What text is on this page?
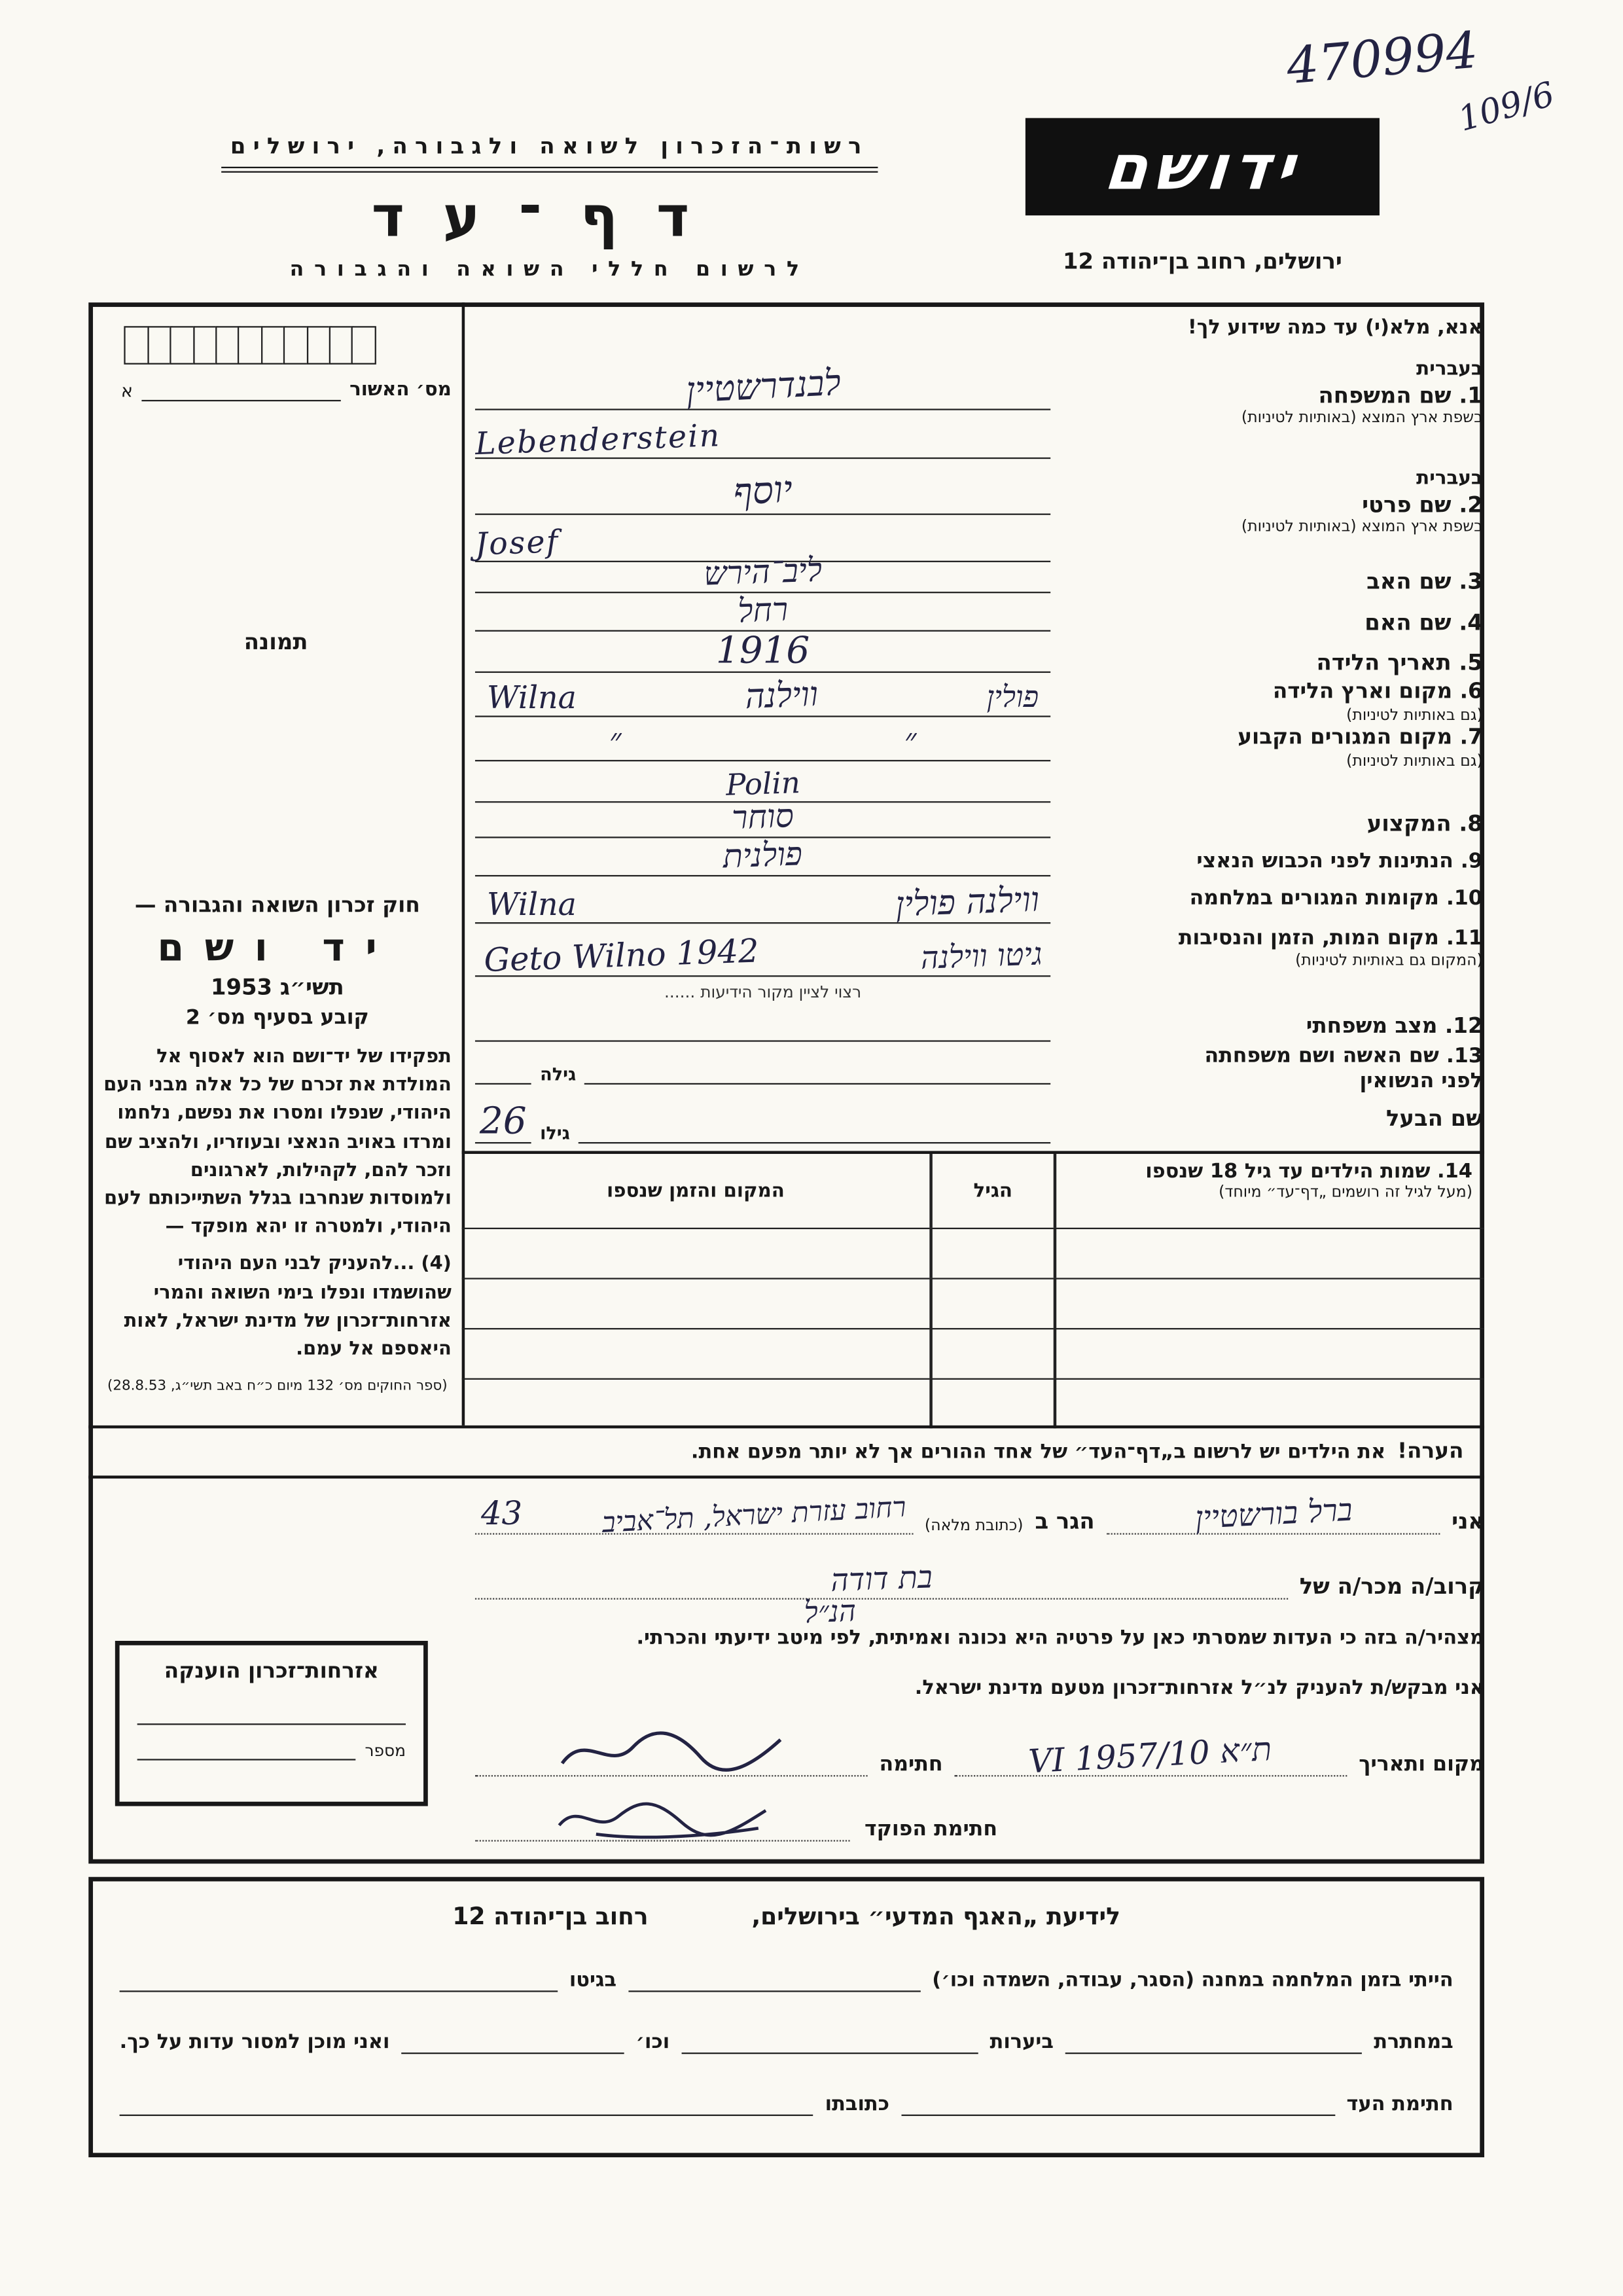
470994
109/6
רשות־הזכרון לשואה ולגבורה, ירושלים
דף־עד
לרשום חללי השואה והגבורה
ידושם
ירושלים, רחוב בן־יהודה 12
מס׳ האשור
א
תמונה
חוק זכרון השואה והגבורה —
יד ושם
תשי״ג 1953
קובע בסעיף מס׳ 2
תפקידו של יד־ושם הוא לאסוף אל המולדת את זכרם של כל אלה מבני העם היהודי, שנפלו ומסרו את נפשם, נלחמו ומרדו באויב הנאצי ובעוזריו, ולהציב שם וזכר להם, לקהילות, לארגונים ולמוסדות שנחרבו בגלל השתייכותם לעם היהודי, ולמטרה זו יהא מופקד —
(4) ...להעניק לבני העם היהודי שהושמדו ונפלו בימי השואה והמרי אזרחות־זכרון של מדינת ישראל, לאות היאספם אל עמם.
(ספר החוקים מס׳ 132 מיום כ״ח באב תשי״ג, 28.8.53)
אזרחות־זכרון הוענקה
מספר
אנא, מלא(י) עד כמה שידוע לך!
בעברית
1. שם המשפחה
בשפת ארץ המוצא (באותיות לטיניות)
בעברית
2. שם פרטי
בשפת ארץ המוצא (באותיות לטיניות)
3. שם האב
4. שם האם
5. תאריך הלידה
6. מקום וארץ הלידה
(גם באותיות לטיניות)
7. מקום המגורים הקבוע
(גם באותיות לטיניות)
8. המקצוע
9. הנתינות לפני הכבוש הנאצי
10. מקומות המגורים במלחמה
11. מקום המות, הזמן והנסיבות
(המקום גם באותיות לטיניות)
12. מצב משפחתי
13. שם האשה ושם משפחתה
לפני הנשואין
שם הבעל
לבנדרשטיין
Lebenderstein
יוסף
Josef
ליב־הירש
רחל
1916
פולין
ווילנה
Wilna
״
״
Polin
סוחר
פולנית
ווילנה פולין
Wilna
גיטו ווילנה
Geto Wilno 1942
רצוי לציין מקור הידיעות ......
גילה
גילו
26
14. שמות הילדים עד גיל 18 שנספו
(מעל לגיל זה רושמים „דף־עד״ מיוחד)
הגיל
המקום והזמן שנספו
הערה!
את הילדים יש לרשום ב„דף־העד״ של אחד ההורים אך לא יותר מפעם אחת.
אני
ברל בורשטיין
הגר ב
(כתובת מלאה)
רחוב עזרת ישראל, תל־אביב
43
קרוב/ה מכר/ה של
בת דודה
הנ״ל
מצהיר/ה בזה כי העדות שמסרתי כאן על פרטיה היא נכונה ואמיתית, לפי מיטב ידיעתי והכרתי.
אני מבקש/ת להעניק לנ״ל אזרחות־זכרון מטעם מדינת ישראל.
מקום ותאריך
ת״א 10/VI 1957
חתימה
חתימת הפוקד
לידיעת „האגף המדעי״ בירושלים,
רחוב בן־יהודה 12
הייתי בזמן המלחמה במחנה (הסגר, עבודה, השמדה וכו׳)
בגיטו
במחתרת
ביערות
וכו׳
ואני מוכן למסור עדות על כך.
חתימת העד
כתובתו
